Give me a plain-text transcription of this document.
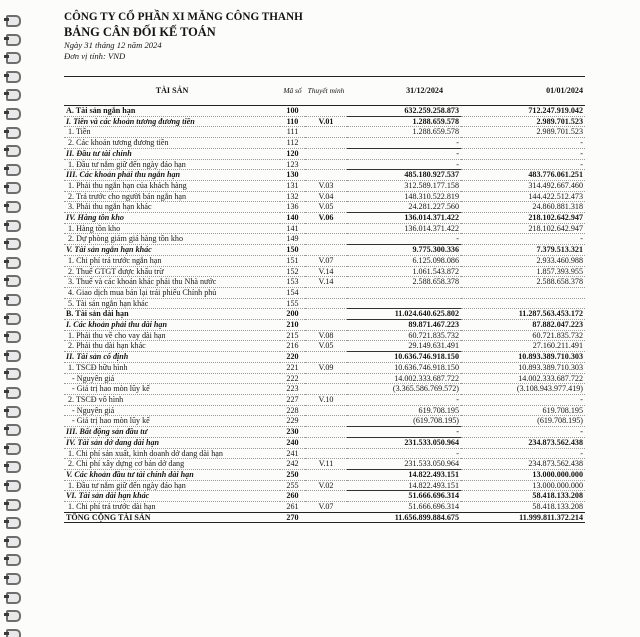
CÔNG TY CỔ PHẦN XI MĂNG CÔNG THANH
BẢNG CÂN ĐỐI KẾ TOÁN
Ngày 31 tháng 12 năm 2024
Đơn vị tính: VND
TÀI SẢN	Mã số	Thuyết minh	31/12/2024	01/01/2024
A. Tài sản ngắn hạn	100		632.259.258.873	712.247.919.042
I. Tiền và các khoản tương đương tiền	110	V.01	1.288.659.578	2.989.701.523
1. Tiền	111		1.288.659.578	2.989.701.523
2. Các khoản tương đương tiền	112		-	-
II. Đầu tư tài chính	120		-	-
1. Đầu tư nắm giữ đến ngày đáo hạn	123		-	-
III. Các khoản phải thu ngắn hạn	130		485.180.927.537	483.776.061.251
1. Phải thu ngắn hạn của khách hàng	131	V.03	312.589.177.158	314.492.667.460
2. Trả trước cho người bán ngắn hạn	132	V.04	148.310.522.819	144.422.512.473
3. Phải thu ngắn hạn khác	136	V.05	24.281.227.560	24.860.881.318
IV. Hàng tồn kho	140	V.06	136.014.371.422	218.102.642.947
1. Hàng tồn kho	141		136.014.371.422	218.102.642.947
2. Dự phòng giảm giá hàng tồn kho	149		-	-
V. Tài sản ngắn hạn khác	150		9.775.300.336	7.379.513.321
1. Chi phí trả trước ngắn hạn	151	V.07	6.125.098.086	2.933.460.988
2. Thuế GTGT được khấu trừ	152	V.14	1.061.543.872	1.857.393.955
3. Thuế và các khoản khác phải thu Nhà nước	153	V.14	2.588.658.378	2.588.658.378
4. Giao dịch mua bán lại trái phiếu Chính phủ	154			
5. Tài sản ngắn hạn khác	155			
B. Tài sản dài hạn	200		11.024.640.625.802	11.287.563.453.172
I. Các khoản phải thu dài hạn	210		89.871.467.223	87.882.047.223
1. Phải thu về cho vay dài hạn	215	V.08	60.721.835.732	60.721.835.732
2. Phải thu dài hạn khác	216	V.05	29.149.631.491	27.160.211.491
II. Tài sản cố định	220		10.636.746.918.150	10.893.389.710.303
1. TSCĐ hữu hình	221	V.09	10.636.746.918.150	10.893.389.710.303
- Nguyên giá	222		14.002.333.687.722	14.002.333.687.722
- Giá trị hao mòn lũy kế	223		(3.365.586.769.572)	(3.108.943.977.419)
2. TSCĐ vô hình	227	V.10	-	-
- Nguyên giá	228		619.708.195	619.708.195
- Giá trị hao mòn lũy kế	229		(619.708.195)	(619.708.195)
III. Bất động sản đầu tư	230		-	-
IV. Tài sản dở dang dài hạn	240		231.533.050.964	234.873.562.438
1. Chi phí sản xuất, kinh doanh dở dang dài hạn	241		-	-
2. Chi phí xây dựng cơ bản dở dang	242	V.11	231.533.050.964	234.873.562.438
V. Các khoản đầu tư tài chính dài hạn	250		14.822.493.151	13.000.000.000
1. Đầu tư nắm giữ đến ngày đáo hạn	255	V.02	14.822.493.151	13.000.000.000
VI. Tài sản dài hạn khác	260		51.666.696.314	58.418.133.208
1. Chi phí trả trước dài hạn	261	V.07	51.666.696.314	58.418.133.208
TỔNG CỘNG TÀI SẢN	270		11.656.899.884.675	11.999.811.372.214
